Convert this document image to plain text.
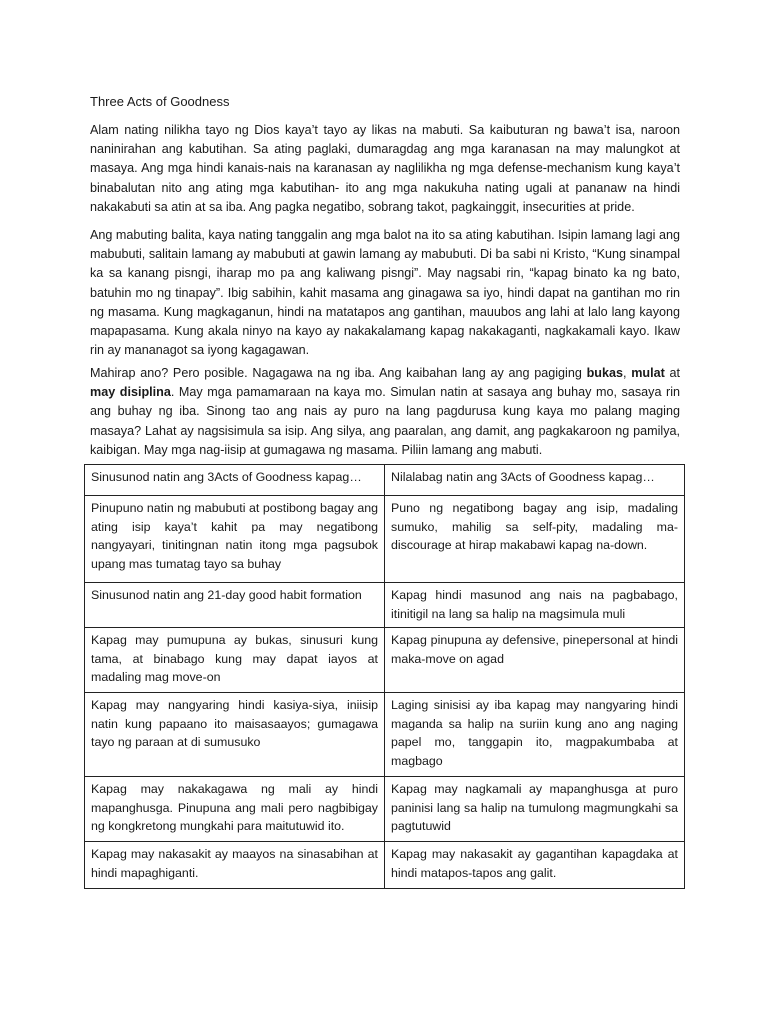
Three Acts of Goodness

Alam nating nilikha tayo ng Dios kaya’t tayo ay likas na mabuti. Sa kaibuturan ng bawa’t isa, naroon naninirahan ang kabutihan. Sa ating paglaki, dumaragdag ang mga karanasan na may malungkot at masaya. Ang mga hindi kanais-nais na karanasan ay naglilikha ng mga defense-mechanism kung kaya’t binabalutan nito ang ating mga kabutihan- ito ang mga nakukuha nating ugali at pananaw na hindi nakakabuti sa atin at sa iba. Ang pagka negatibo, sobrang takot, pagkainggit, insecurities at pride.

Ang mabuting balita, kaya nating tanggalin ang mga balot na ito sa ating kabutihan. Isipin lamang lagi ang mabubuti, salitain lamang ay mabubuti at gawin lamang ay mabubuti. Di ba sabi ni Kristo, “Kung sinampal ka sa kanang pisngi, iharap mo pa ang kaliwang pisngi”. May nagsabi rin, “kapag binato ka ng bato, batuhin mo ng tinapay”. Ibig sabihin, kahit masama ang ginagawa sa iyo, hindi dapat na gantihan mo rin ng masama. Kung magkaganun, hindi na matatapos ang gantihan, mauubos ang lahi at lalo lang kayong mapapasama. Kung akala ninyo na kayo ay nakakalamang kapag nakakaganti, nagkakamali kayo. Ikaw rin ay mananagot sa iyong kagagawan.

Mahirap ano? Pero posible. Nagagawa na ng iba. Ang kaibahan lang ay ang pagiging bukas, mulat at may disiplina. May mga pamamaraan na kaya mo. Simulan natin at sasaya ang buhay mo, sasaya rin ang buhay ng iba. Sinong tao ang nais ay puro na lang pagdurusa kung kaya mo palang maging masaya? Lahat ay nagsisimula sa isip. Ang silya, ang paaralan, ang damit, ang pagkakaroon ng pamilya, kaibigan. May mga nag-iisip at gumagawa ng masama. Piliin lamang ang mabuti.

Sinusunod natin ang 3Acts of Goodness kapag…	Nilalabag natin ang 3Acts of Goodness kapag…
Pinupuno natin ng mabubuti at postibong bagay ang ating isip kaya’t kahit pa may negatibong nangyayari, tinitingnan natin itong mga pagsubok upang mas tumatag tayo sa buhay	Puno ng negatibong bagay ang isip, madaling sumuko, mahilig sa self-pity, madaling ma-discourage at hirap makabawi kapag na-down.
Sinusunod natin ang 21-day good habit formation	Kapag hindi masunod ang nais na pagbabago, itinitigil na lang sa halip na magsimula muli
Kapag may pumupuna ay bukas, sinusuri kung tama, at binabago kung may dapat iayos at madaling mag move-on	Kapag pinupuna ay defensive, pinepersonal at hindi maka-move on agad
Kapag may nangyaring hindi kasiya-siya, iniisip natin kung papaano ito maisasaayos; gumagawa tayo ng paraan at di sumusuko	Laging sinisisi ay iba kapag may nangyaring hindi maganda sa halip na suriin kung ano ang naging papel mo, tanggapin ito, magpakumbaba at magbago
Kapag may nakakagawa ng mali ay hindi mapanghusga. Pinupuna ang mali pero nagbibigay ng kongkretong mungkahi para maitutuwid ito.	Kapag may nagkamali ay mapanghusga at puro paninisi lang sa halip na tumulong magmungkahi sa pagtutuwid
Kapag may nakasakit ay maayos na sinasabihan at hindi mapaghiganti.	Kapag may nakasakit ay gagantihan kapagdaka at hindi matapos-tapos ang galit.
